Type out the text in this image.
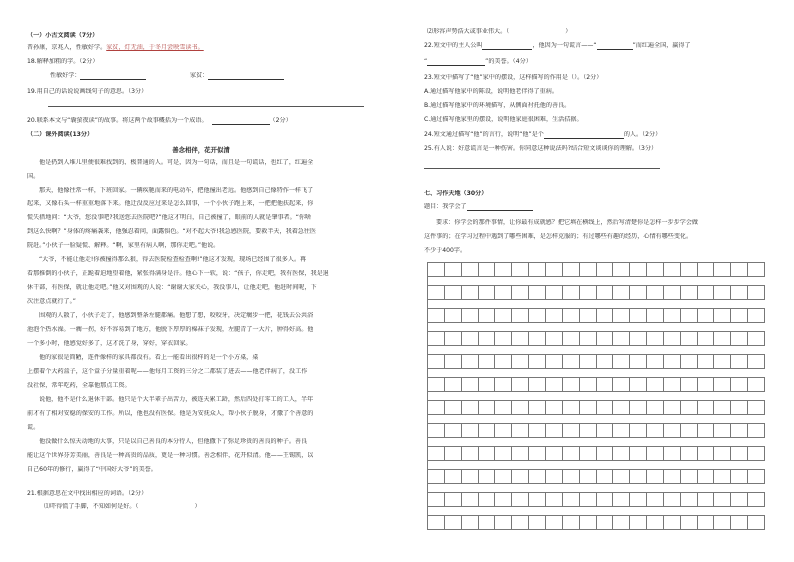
（一）小古文阅读（7分）
晋孙康，京兆人，性敏好学。家贫，灯无油，于冬月尝映雪读书。
18.解释加粗的字。（2分）
性敏好学：	家贫：
19.用自己的话说说画线句子的意思。（3分）
20.联系本文与“囊萤夜读”的故事。将这两个故事概括为一个成语。	（2分）
（二）课外阅读(13分）
善念相伴，花开似清
他是扔到人堆儿里便很难找到的、极普通的人。可是，因为一句话，而且是一句谎话，也红了，红遍全
国。
那天，他像往常一样，下班回家。一辆疾驰而来的电动车，把他撞出老远。他感到自己像特作一样飞了
起来，又像石头一样重重地落下来。他迁没反应过来是怎么回事，一个小伙子跑上来，一把把他扶起来，你
慌失措地问：“大爷，您没事吧?我送您去医院吧?”他这才明白，自己被撞了，眼前的人就是肇事者。“你啥
到这么快啊？”身体的疼痛袭来，他强忍着问，面露惧色。“对不起大爷!我急感医院，要救半天，我着急往医
院赶。”小伙子一脸疑慌、解释。“啊，家里有病人啊，那你走吧。”他说。
“大爷，不能让他走!你被撞得那么狠，得去医院检查检查啊!”他这才发现，现场已经围了很多人。再
看那推倒的小伙子，正跪着迫地望着他，紧张得满身是汗。他心下一软，说：“孩子，你走吧，我有医保，我是退
休干部，有医保，就让他走吧。”他又对围观的人说：“谢谢大家关心，我没事儿，让他走吧，他赶时间呢，下
次注意点就行了。”
围观的人散了，小伙子走了，他感到整条左腿都痛。他想了想，咬咬牙，决定瘸步一把，花钱去公共浴
池泡个热水澡。一瘸一拐，好不容易到了地方，他脱下厚厚的棉袜子发现，左腿青了一大片，肿得好高。他
一个多小时，他感觉好多了，这才洗了身，穿好，穿衣回家。
他的家很是简陋，连件像样的家具都没有。看上一能看出很样的是一个小方桌，桌
上摆着个大药盒子，这个盒子分量重着呢——他每月工资的三分之二都装了进去——他老伴病了，没工作
没社保，常年吃药，全靠他那点工资。
说他，他不是什么退休干部。他只是个大半辈子出苦力，被连天累工龄，然后四处打零工的工人，半年
前才有了相对安稳的保安的工作。所以，他也没有医保。他是为安抚众人，帮小伙子脱身，才撒了个善意的
谎。
他没做什么惊天动地的大事，只是以自己善良的本分待人，但他撒下了弥足珍贵的善良的种子。善良
能让这个世界芬芳美丽，善良是一种高贵的品质，更是一种习惯。善念相伴，花开似清。他——王锡凯，以
自己60年的修行，赢得了“中国好大爷”的美誉。
21.根据意思在文中找出相应的词语。（2分）
⑴吓得慌了手脚，不知如何是好。（	）
⑵形容声势浩大或事业伟大。（	）
22.短文中的主人公叫	，他因为一句谎言——“	”而红遍全国，赢得了
“	”的美誉。（4分）
23.短文中描写了“他”家中的摆设，这样描写的作用是（）。（2分）
A.通过描写他家中的陈设，说明他老伴得了重病。
B.通过描写他家中的环境描写，从侧面衬托他的善良。
C.通过描写他家里的摆设，说明他家庭很困难，生活拮据。
24.短文通过描写“他”的言行，说明“他”是个	的人。（2分）
25.有人说：好意谎言是一种伤害。你同意这种说法吗?结合短文谈谈你的理解。（3分）
七、习作天地（30分）
题目：我学会了
要求：你学会的那件事情，让你最有成就感？把它填在横线上，然后写清楚你是怎样一步步学会做
这件事的；在学习过程中遇到了哪些困难，是怎样克服的；有过哪些有趣的经历，心情有哪些变化。
不少于400字。
